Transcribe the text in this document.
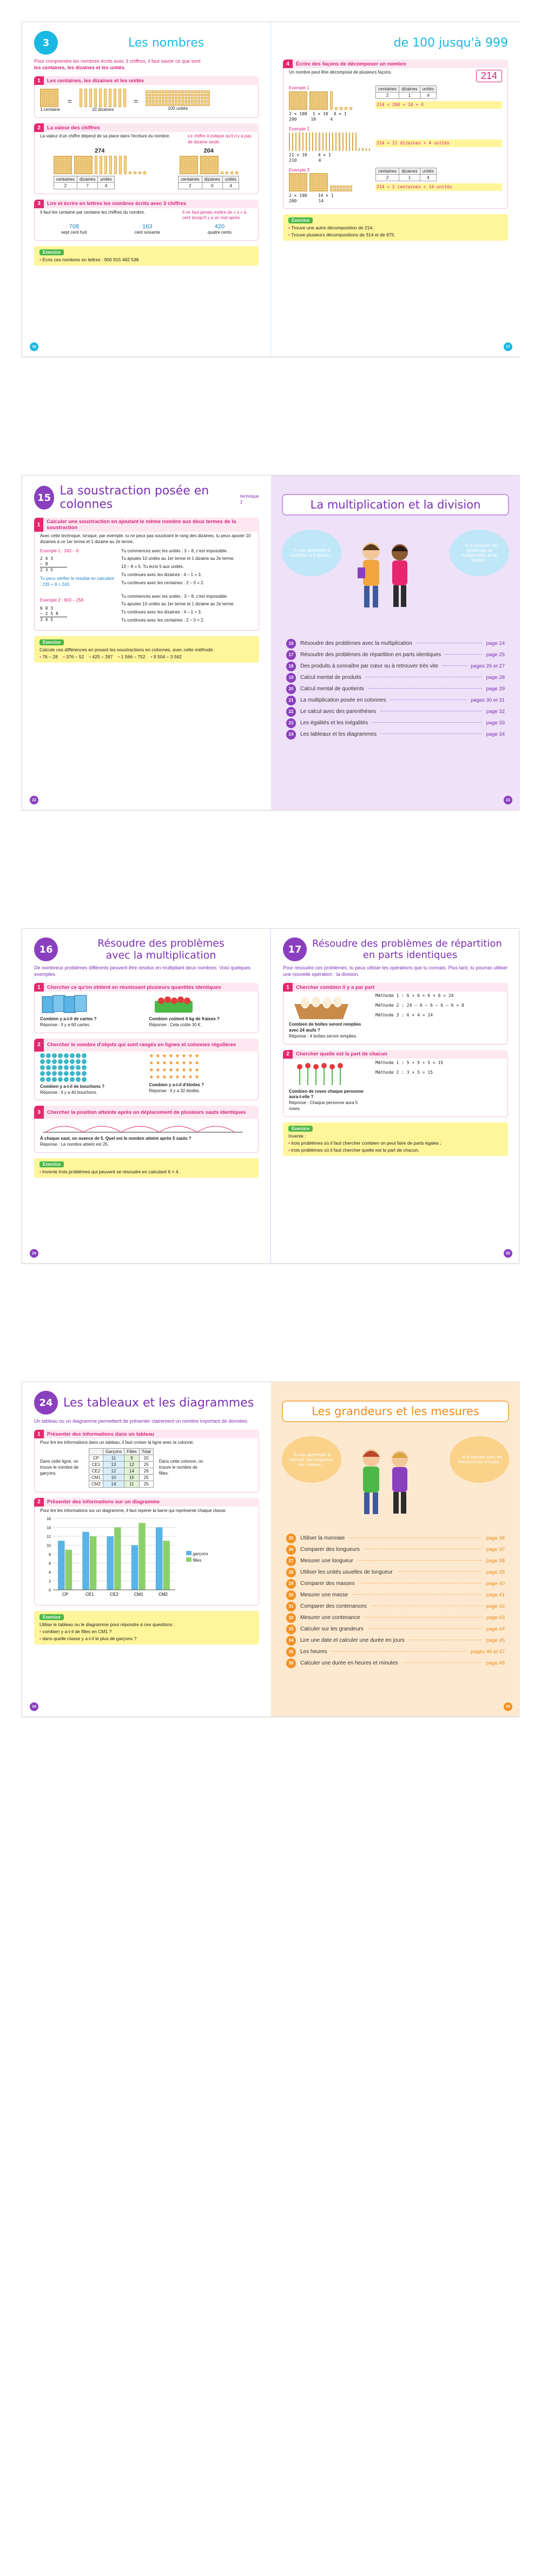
3	Les nombres
Pour comprendre les nombres écrits avec 3 chiffres, il faut savoir ce que sont
les centaines, les dizaines et les unités.
1	Les centaines, les dizaines et les unités
1 centaine
=
10 dizaines
=
100 unités
2	La valeur des chiffres
La valeur d'un chiffre dépend de sa place dans l'écriture du nombre.	Le chiffre 4 indique qu'il n'y a pas de dizaine seule.
274
centaines	dizaines	unités
2	7	4
204
centaines	dizaines	unités
2	0	4
3	Lire et écrire en lettres les nombres écrits avec 3 chiffres
Il faut lire centaine par centaine les chiffres du nombre.	Il ne faut jamais mettre de « s » à cent lorsqu'il y a un mot après.
708
sept cent huit
163
cent soixante
420
quatre cents
Exercice
• Écris ces nombres en lettres : 900 915 482 538
16
de 100 jusqu'à 999
4	Écrire des façons de décomposer un nombre
Un nombre peut être décomposé de plusieurs façons.	214
Exemple 1
2 × 100 1 × 10 4 × 1
200	10	4
centaines	dizaines	unités
2	1	4
214 = 200 + 10 + 4
Exemple 2
21 × 10	4 × 1
210	4
214 = 21 dizaines + 4 unités
Exemple 3
2 × 100	14 × 1
200	14
centaines	dizaines	unités
2	1	4
214 = 2 centaines + 14 unités
Exercice
• Trouve une autre décomposition de 214.
• Trouve plusieurs décompositions de 314 et de 975.
17
15 La soustraction posée en colonnes
technique 2
1	Calculer une soustraction en ajoutant le même nombre aux deux termes de la soustraction
Avec cette technique, lorsque, par exemple, tu ne peux pas soustraire le rang des dizaines, tu peux ajouter 10 dizaines à ce 1er terme et 1 dizaine au 2e terme.
Exemple 1 : 243 – 8
2 4 3
– 8
2 3 5
Tu peux vérifier le résultat en calculant : 235 + 8 = 243.
Exemple 2 : 603 – 258
6 0 3
– 2 5 8
3 4 5
Tu commences avec les unités : 3 – 8, c'est impossible.
Tu ajoutes 10 unités au 1er terme et 1 dizaine au 2e terme.
13 – 8 = 5. Tu écris 5 aux unités.
Tu continues avec les dizaines : 4 – 1 = 3.
Tu continues avec les centaines : 2 – 0 = 2.
Tu commences avec les unités : 3 – 8, c'est impossible.
Tu ajoutes 10 unités au 1er terme et 1 dizaine au 2e terme.
Tu continues avec les dizaines : 4 – 1 = 3.
Tu continues avec les centaines : 2 – 0 = 2.
Exercice
Calcule ces différences en posant les soustractions en colonnes, avec cette méthode.
• 76 – 28	• 376 – 52	• 425 – 287	• 1 566 – 752	• 9 504 – 3 562
22
La multiplication et la division
Tu vas apprendre à multiplier et à diviser…
… et à résoudre des problèmes de multiplication et de division.
16	Résoudre des problèmes avec la multiplication	page 24
17	Résoudre des problèmes de répartition en parts identiques	page 25
18	Des produits à connaître par cœur ou à retrouver très vite	pages 26 et 27
19	Calcul mental de produits	page 28
20	Calcul mental de quotients	page 29
21	La multiplication posée en colonnes	pages 30 et 31
22	Le calcul avec des parenthèses	page 32
23	Les égalités et les inégalités	page 33
24	Les tableaux et les diagrammes	page 34
23
16	Résoudre des problèmes
avec la multiplication
De nombreux problèmes différents peuvent être résolus en multipliant deux nombres. Voici quelques exemples.
1	Chercher ce qu'on obtient en réunissant plusieurs quantités identiques
Combien y a-t-il de cartes ?
Réponse : Il y a 60 cartes.
Combien coûtent 6 kg de fraises ?
Réponse : Cela coûte 30 €.
2	Chercher le nombre d'objets qui sont rangés en lignes et colonnes régulières
Combien y a-t-il de bouchons ?
Réponse : Il y a 40 bouchons.
★ ★ ★ ★ ★ ★ ★ ★
★ ★ ★ ★ ★ ★ ★ ★
★ ★ ★ ★ ★ ★ ★ ★
★ ★ ★ ★ ★ ★ ★ ★
Combien y a-t-il d'étoiles ?
Réponse : Il y a 32 étoiles.
3	Chercher la position atteinte après un déplacement de plusieurs sauts identiques
À chaque saut, on avance de 5. Quel est le nombre atteint après 5 sauts ?
Réponse : Le nombre atteint est 25.
Exercice
• Invente trois problèmes qui peuvent se résoudre en calculant 6 × 4.
24
17	Résoudre des problèmes de répartition
en parts identiques
Pour résoudre ces problèmes, tu peux utiliser les opérations que tu connais. Plus tard, tu pourras utiliser une nouvelle opération : la division.
1	Chercher combien il y a par part
Combien de boîtes seront remplies avec 24 œufs ?
Réponse : 4 boîtes seront remplies.
Méthode 1 : 6 + 6 + 6 + 6 = 24
Méthode 2 : 24 – 6 – 6 – 6 – 6 = 0
Méthode 3 : 6 × 4 = 24
2	Chercher quelle est la part de chacun
Combien de roses chaque personne aura-t-elle ?
Réponse : Chaque personne aura 5 roses.
Méthode 1 : 5 + 5 + 5 = 15
Méthode 2 : 3 × 5 = 15
Exercice
Invente :
• trois problèmes où il faut chercher combien on peut faire de parts égales ;
• trois problèmes où il faut chercher quelle est la part de chacun.
25
24 Les tableaux et les diagrammes
Un tableau ou un diagramme permettent de présenter clairement un nombre important de données.
1	Présenter des informations dans un tableau
Pour lire les informations dans un tableau, il faut croiser la ligne avec la colonne.
Dans cette ligne, on trouve le nombre de garçons.
	Garçons	Filles	Total
CP	11	9	20
CE1	13	12	25
CE2	12	14	26
CM1	10	15	25
CM2	14	11	25
Dans cette colonne, on trouve le nombre de filles.
2	Présenter des informations sur un diagramme
Pour lire les informations sur un diagramme, il faut repérer la barre qui représente chaque classe.
0
2
4
6
8
10
12
14
16
CP	CE1	CE2	CM1	CM2
garçons
filles
Exercice
Utilise le tableau ou le diagramme pour répondre à ces questions :
• combien y a-t-il de filles en CM1 ?
• dans quelle classe y a-t-il le plus de garçons ?
34
Les grandeurs et les mesures
Tu vas apprendre à mesurer des longueurs, des masses…
… et à calculer avec les heures et les minutes.
25	Utiliser la monnaie	page 36
26	Comparer des longueurs	page 37
27	Mesurer une longueur	page 38
28	Utiliser les unités usuelles de longueur	page 39
29	Comparer des masses	page 40
30	Mesurer une masse	page 41
31	Comparer des contenances	page 42
32	Mesurer une contenance	page 43
33	Calculer sur les grandeurs	page 44
34	Lire une date et calculer une durée en jours	page 45
35	Les heures	pages 46 et 47
36	Calculer une durée en heures et minutes	page 48
35
